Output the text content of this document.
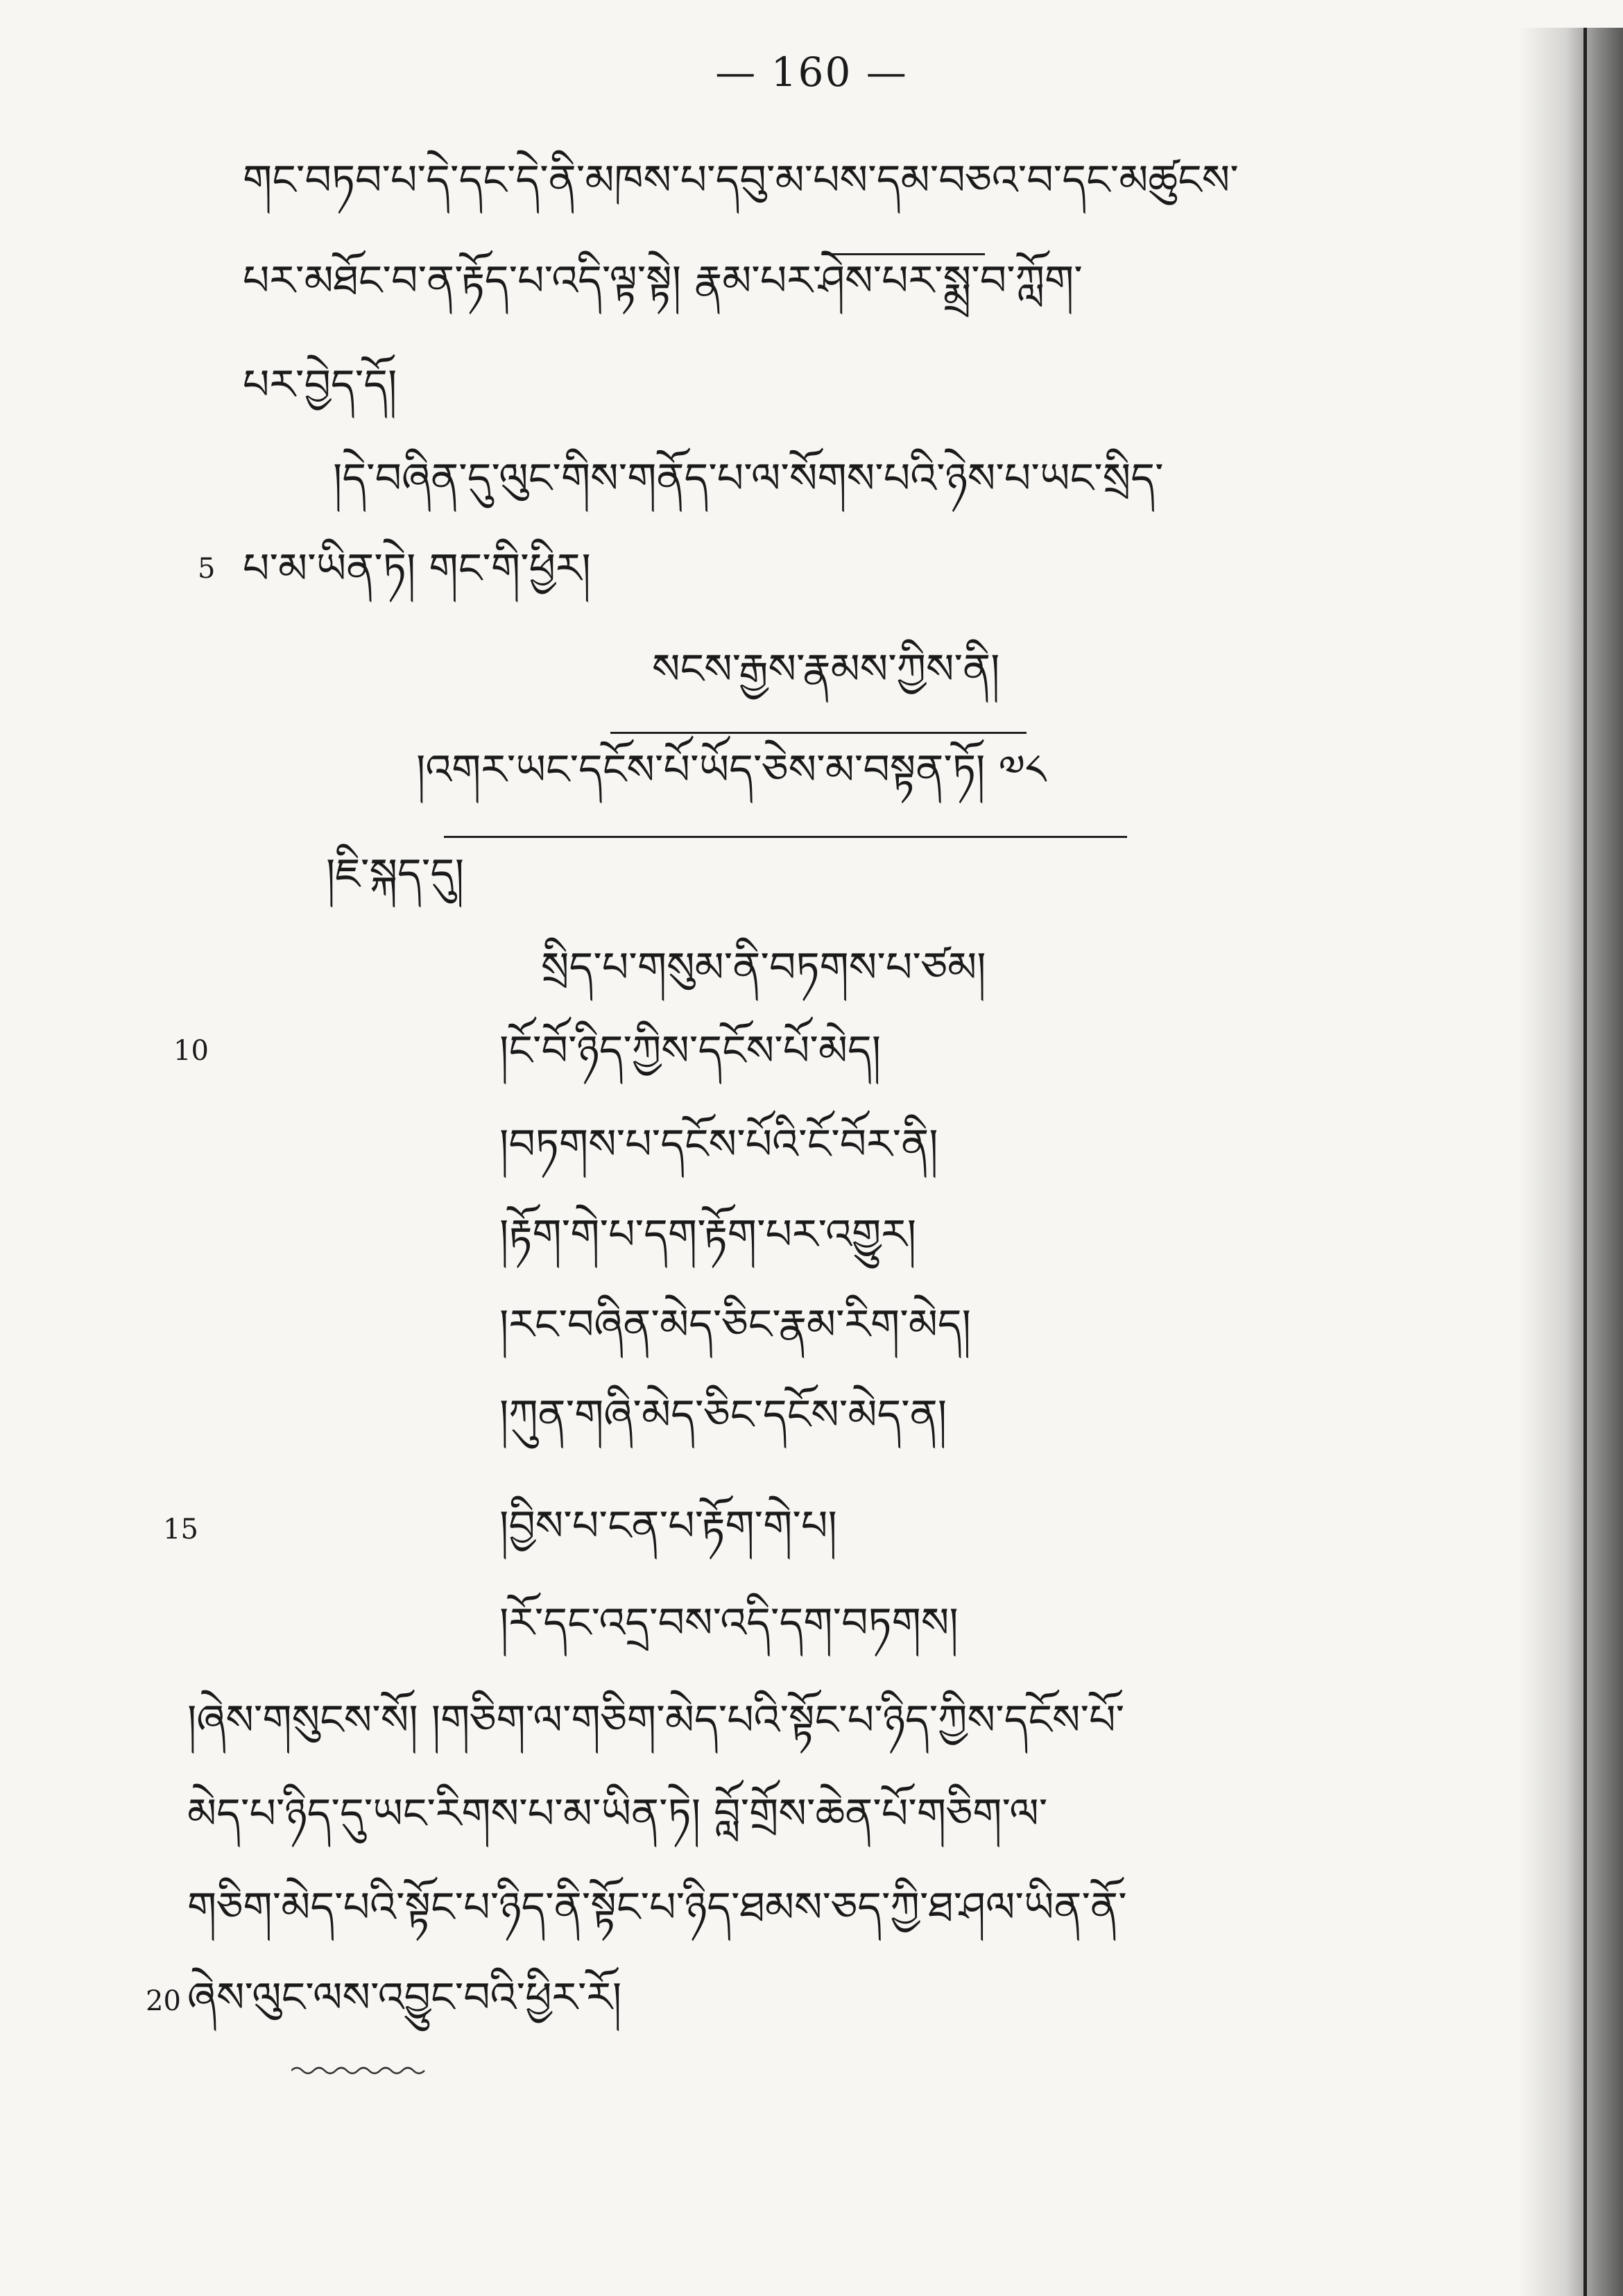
— 160 —
གང་བཏབ་པ་དེ་དང་དེ་ནི་མཁས་པ་དབུ་མ་པས་དམ་བཅའ་བ་དང་མཚུངས་
པར་མཐོང་བ་ན་རྟོད་པ་འདི་ལྟ་སྟེ། རྣམ་པར་ཤེས་པར་སྨྲ་བ་ཀློག་
པར་བྱེད་དོ།
།དེ་བཞིན་དུ་ལུང་གིས་གནོད་པ་ལ་སོགས་པའི་ཉེས་པ་ཡང་སྲིད་
5 པ་མ་ཡིན་ཏེ། གང་གི་ཕྱིར།
སངས་རྒྱས་རྣམས་ཀྱིས་ནི།
།འགར་ཡང་དངོས་པོ་ཡོད་ཅེས་མ་བསྟན་ཏོ། ༧༨
།ཇི་སྐད་དུ།
སྲིད་པ་གསུམ་ནི་བཏགས་པ་ཙམ།
10	།ངོ་བོ་ཉིད་ཀྱིས་དངོས་པོ་མེད།
།བཏགས་པ་དངོས་པོའི་ངོ་བོར་ནི།
།རྟོག་གེ་པ་དག་རྟོག་པར་འགྱུར།
།རང་བཞིན་མེད་ཅིང་རྣམ་རིག་མེད།
།ཀུན་གཞི་མེད་ཅིང་དངོས་མེད་ན།
15	།བྱིས་པ་ངན་པ་རྟོག་གེ་པ།
།རོ་དང་འདྲ་བས་འདི་དག་བཏགས།
།ཞེས་གསུངས་སོ། །གཅིག་ལ་གཅིག་མེད་པའི་སྟོང་པ་ཉིད་ཀྱིས་དངོས་པོ་
མེད་པ་ཉིད་དུ་ཡང་རིགས་པ་མ་ཡིན་ཏེ། བློ་གྲོས་ཆེན་པོ་གཅིག་ལ་
གཅིག་མེད་པའི་སྟོང་པ་ཉིད་ནི་སྟོང་པ་ཉིད་ཐམས་ཅད་ཀྱི་ཐ་ཤལ་ཡིན་ནོ་
20 ཞེས་ལུང་ལས་འབྱུང་བའི་ཕྱིར་རོ།
